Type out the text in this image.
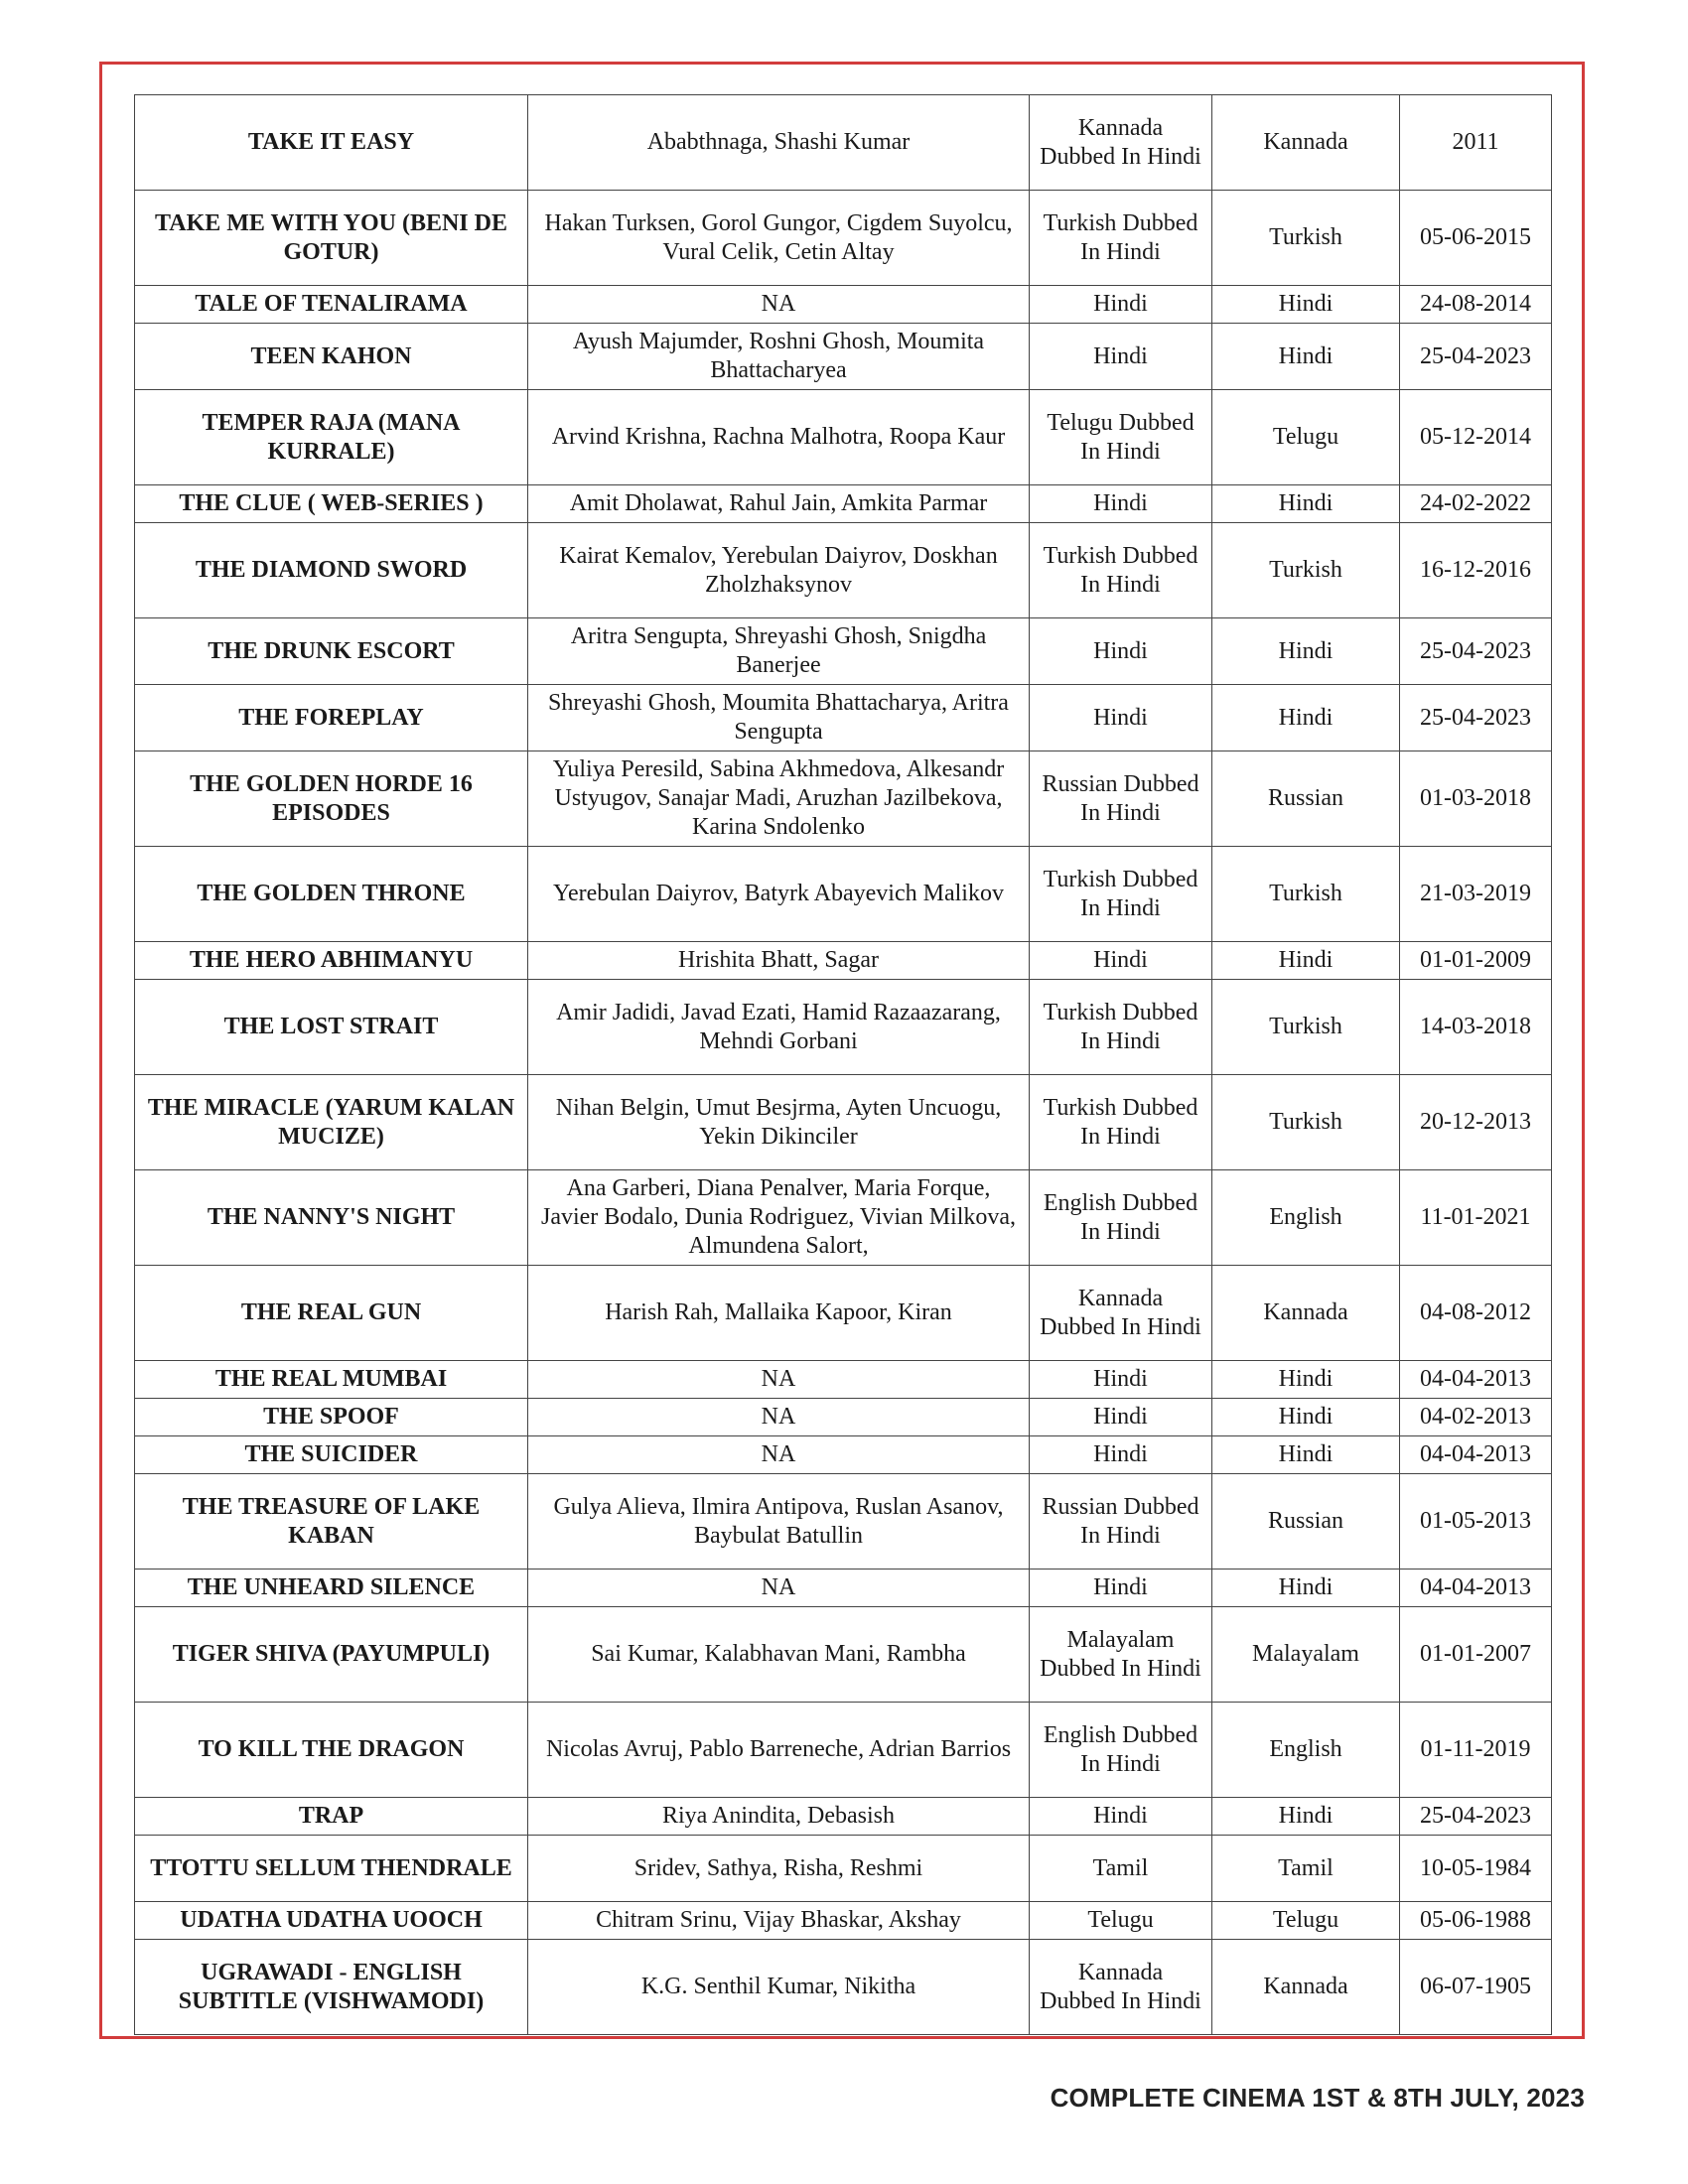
TAKE IT EASY	Ababthnaga, Shashi Kumar	Kannada Dubbed In Hindi	Kannada	2011
TAKE ME WITH YOU (BENI DE GOTUR)	Hakan Turksen, Gorol Gungor, Cigdem Suyolcu, Vural Celik, Cetin Altay	Turkish Dubbed In Hindi	Turkish	05-06-2015
TALE OF TENALIRAMA	NA	Hindi	Hindi	24-08-2014
TEEN KAHON	Ayush Majumder, Roshni Ghosh, Moumita Bhattacharyea	Hindi	Hindi	25-04-2023
TEMPER RAJA (MANA KURRALE)	Arvind Krishna, Rachna Malhotra, Roopa Kaur	Telugu Dubbed In Hindi	Telugu	05-12-2014
THE CLUE ( WEB-SERIES )	Amit Dholawat, Rahul Jain, Amkita Parmar	Hindi	Hindi	24-02-2022
THE DIAMOND SWORD	Kairat Kemalov, Yerebulan Daiyrov, Doskhan Zholzhaksynov	Turkish Dubbed In Hindi	Turkish	16-12-2016
THE DRUNK ESCORT	Aritra Sengupta, Shreyashi Ghosh, Snigdha Banerjee	Hindi	Hindi	25-04-2023
THE FOREPLAY	Shreyashi Ghosh, Moumita Bhattacharya, Aritra Sengupta	Hindi	Hindi	25-04-2023
THE GOLDEN HORDE 16 EPISODES	Yuliya Peresild, Sabina Akhmedova, Alkesandr Ustyugov, Sanajar Madi, Aruzhan Jazilbekova, Karina Sndolenko	Russian Dubbed In Hindi	Russian	01-03-2018
THE GOLDEN THRONE	Yerebulan Daiyrov, Batyrk Abayevich Malikov	Turkish Dubbed In Hindi	Turkish	21-03-2019
THE HERO ABHIMANYU	Hrishita Bhatt, Sagar	Hindi	Hindi	01-01-2009
THE LOST STRAIT	Amir Jadidi, Javad Ezati, Hamid Razaazarang, Mehndi Gorbani	Turkish Dubbed In Hindi	Turkish	14-03-2018
THE MIRACLE (YARUM KALAN MUCIZE)	Nihan Belgin, Umut Besjrma, Ayten Uncuogu, Yekin Dikinciler	Turkish Dubbed In Hindi	Turkish	20-12-2013
THE NANNY'S NIGHT	Ana Garberi, Diana Penalver, Maria Forque, Javier Bodalo, Dunia Rodriguez, Vivian Milkova, Almundena Salort,	English Dubbed In Hindi	English	11-01-2021
THE REAL GUN	Harish Rah, Mallaika Kapoor, Kiran	Kannada Dubbed In Hindi	Kannada	04-08-2012
THE REAL MUMBAI	NA	Hindi	Hindi	04-04-2013
THE SPOOF	NA	Hindi	Hindi	04-02-2013
THE SUICIDER	NA	Hindi	Hindi	04-04-2013
THE TREASURE OF LAKE KABAN	Gulya Alieva, Ilmira Antipova, Ruslan Asanov, Baybulat Batullin	Russian Dubbed In Hindi	Russian	01-05-2013
THE UNHEARD SILENCE	NA	Hindi	Hindi	04-04-2013
TIGER SHIVA (PAYUMPULI)	Sai Kumar, Kalabhavan Mani, Rambha	Malayalam Dubbed In Hindi	Malayalam	01-01-2007
TO KILL THE DRAGON	Nicolas Avruj, Pablo Barreneche, Adrian Barrios	English Dubbed In Hindi	English	01-11-2019
TRAP	Riya Anindita, Debasish	Hindi	Hindi	25-04-2023
TTOTTU SELLUM THENDRALE	Sridev, Sathya, Risha, Reshmi	Tamil	Tamil	10-05-1984
UDATHA UDATHA UOOCH	Chitram Srinu, Vijay Bhaskar, Akshay	Telugu	Telugu	05-06-1988
UGRAWADI - ENGLISH SUBTITLE (VISHWAMODI)	K.G. Senthil Kumar, Nikitha	Kannada Dubbed In Hindi	Kannada	06-07-1905
COMPLETE CINEMA 1ST & 8TH JULY, 2023
